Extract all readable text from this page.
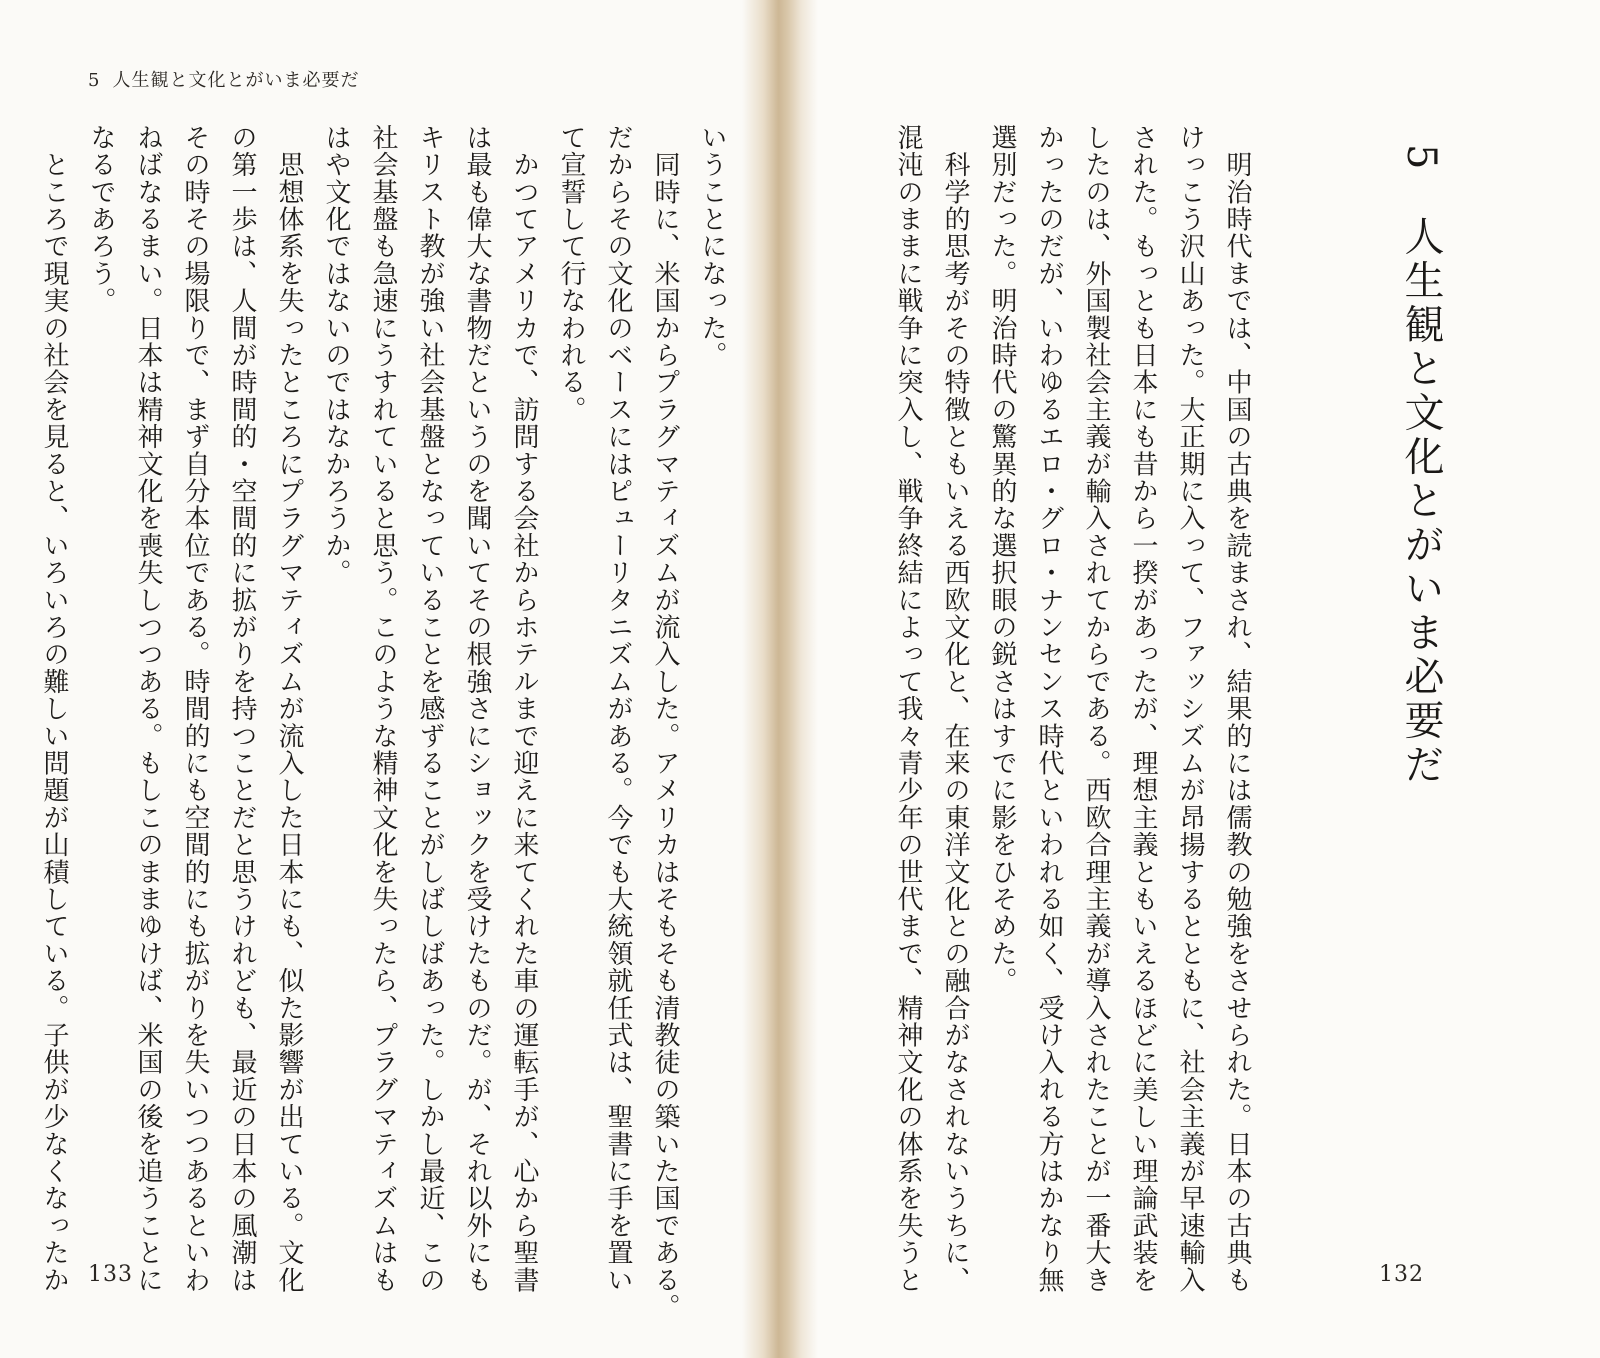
5 人生観と文化とがいま必要だ
いうことになった。
　同時に、米国からプラグマティズムが流入した。アメリカはそもそも清教徒の築いた国である。
だからその文化のベースにはピューリタニズムがある。今でも大統領就任式は、聖書に手を置い
て宣誓して行なわれる。
　かつてアメリカで、訪問する会社からホテルまで迎えに来てくれた車の運転手が、心から聖書
は最も偉大な書物だというのを聞いてその根強さにショックを受けたものだ。が、それ以外にも
キリスト教が強い社会基盤となっていることを感ずることがしばしばあった。しかし最近、この
社会基盤も急速にうすれていると思う。このような精神文化を失ったら、プラグマティズムはも
はや文化ではないのではなかろうか。
　思想体系を失ったところにプラグマティズムが流入した日本にも、似た影響が出ている。文化
の第一歩は、人間が時間的・空間的に拡がりを持つことだと思うけれども、最近の日本の風潮は
その時その場限りで、まず自分本位である。時間的にも空間的にも拡がりを失いつつあるといわ
ねばなるまい。日本は精神文化を喪失しつつある。もしこのままゆけば、米国の後を追うことに
なるであろう。
　ところで現実の社会を見ると、いろいろの難しい問題が山積している。子供が少なくなったか 133
5人生観と文化とがいま必要だ
　明治時代までは、中国の古典を読まされ、結果的には儒教の勉強をさせられた。日本の古典も
けっこう沢山あった。大正期に入って、ファッシズムが昂揚するとともに、社会主義が早速輸入
された。もっとも日本にも昔から一揆があったが、理想主義ともいえるほどに美しい理論武装を
したのは、外国製社会主義が輸入されてからである。西欧合理主義が導入されたことが一番大き
かったのだが、いわゆるエロ・グロ・ナンセンス時代といわれる如く、受け入れる方はかなり無
選別だった。明治時代の驚異的な選択眼の鋭さはすでに影をひそめた。
　科学的思考がその特徴ともいえる西欧文化と、在来の東洋文化との融合がなされないうちに、
混沌のままに戦争に突入し、戦争終結によって我々青少年の世代まで、精神文化の体系を失うと	132
